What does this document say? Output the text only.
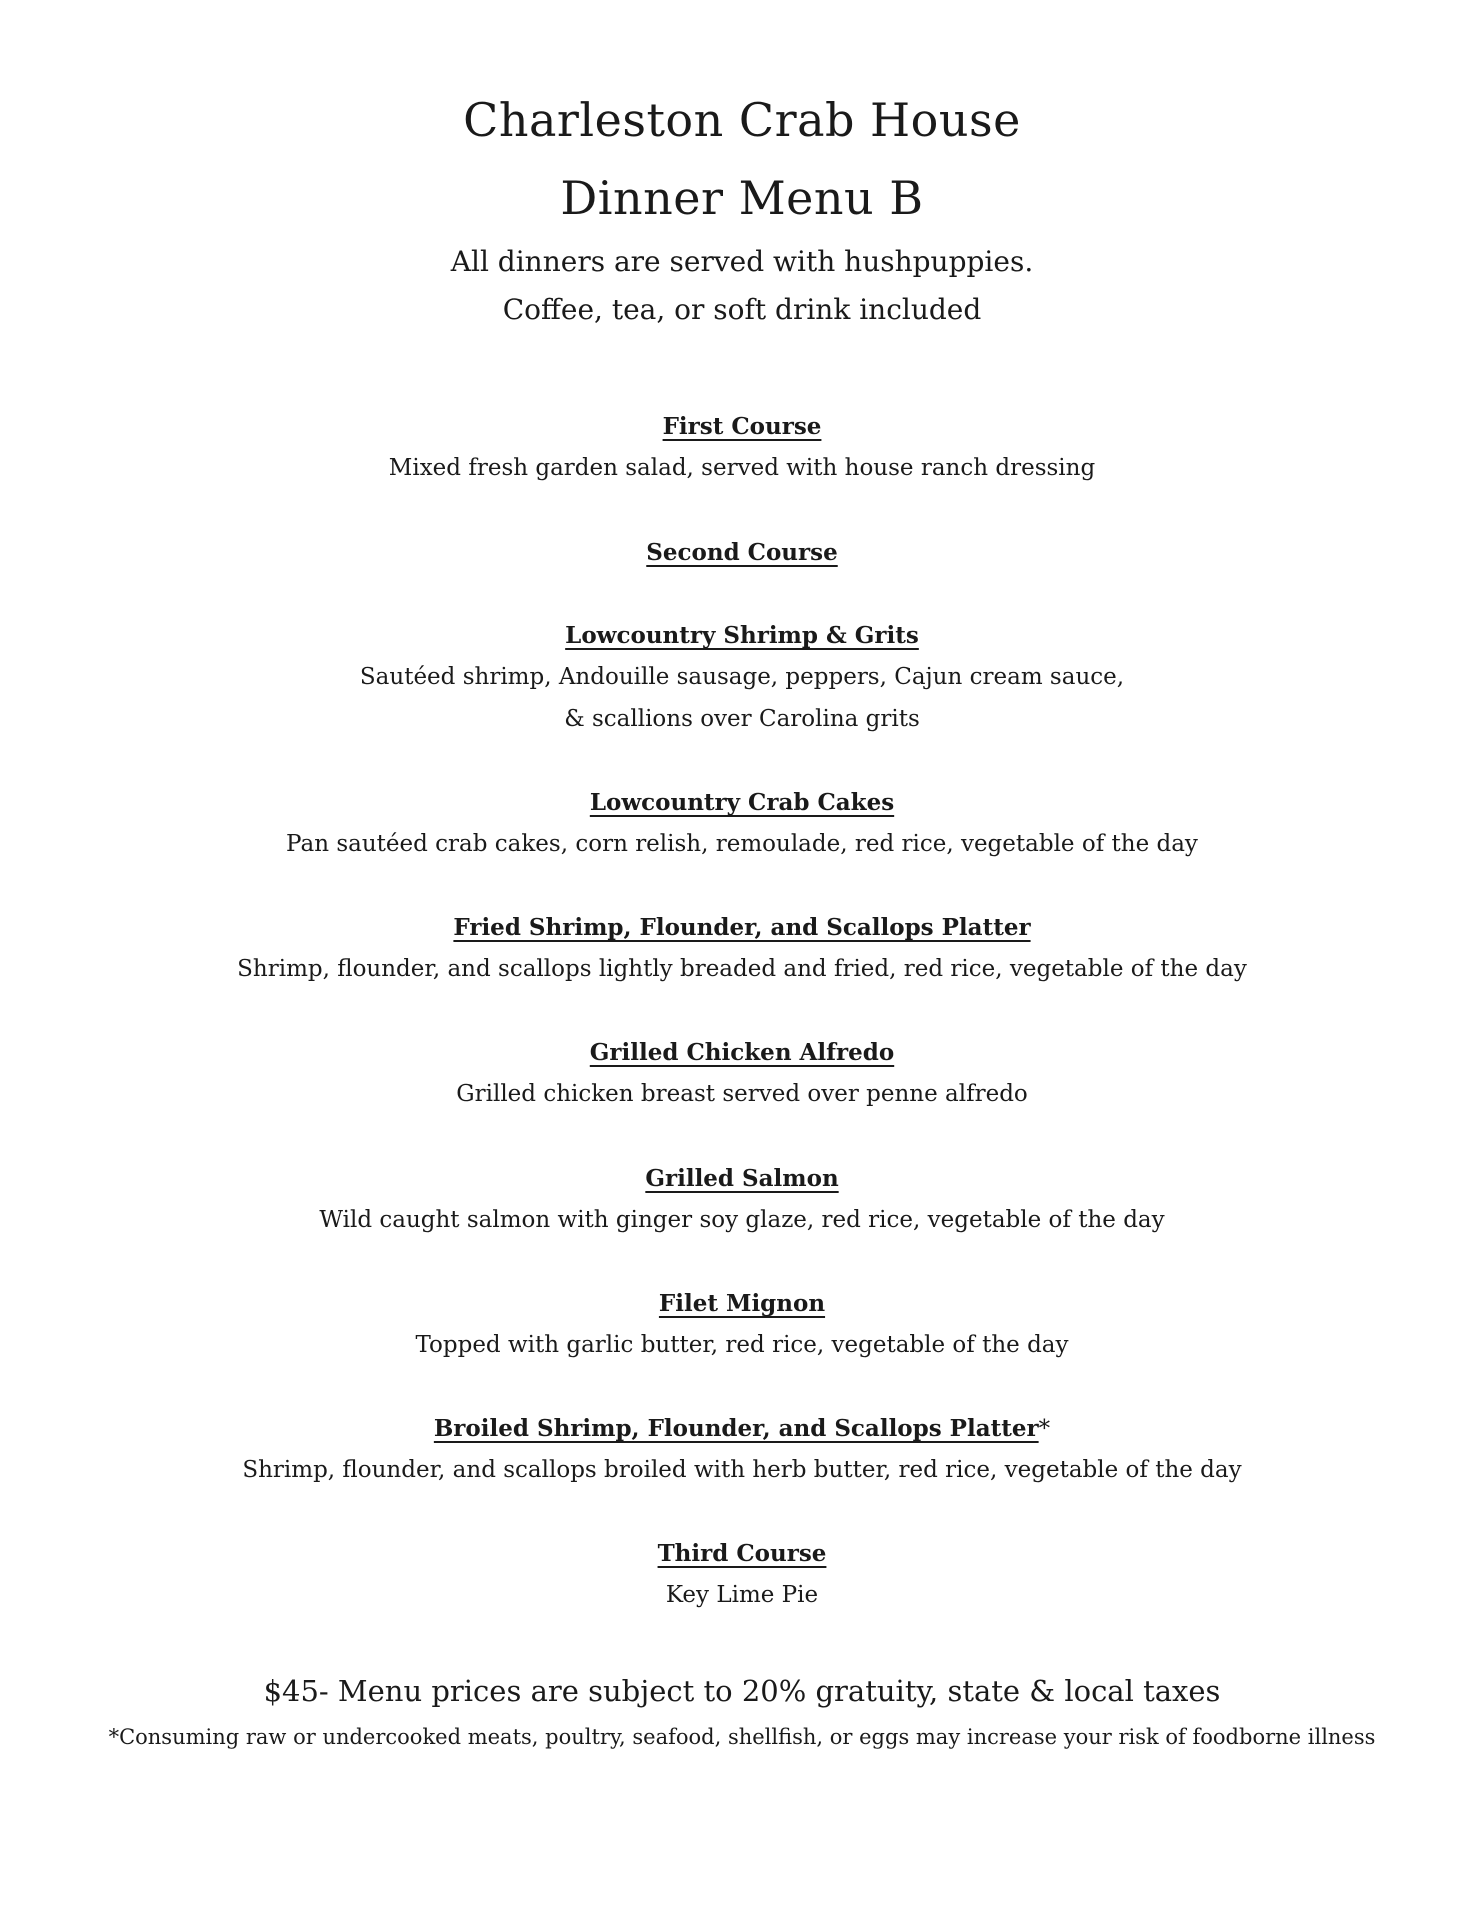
Charleston Crab House
Dinner Menu B
All dinners are served with hushpuppies.
Coffee, tea, or soft drink included
First Course
Mixed fresh garden salad, served with house ranch dressing
Second Course
Lowcountry Shrimp & Grits
Sautéed shrimp, Andouille sausage, peppers, Cajun cream sauce,
& scallions over Carolina grits
Lowcountry Crab Cakes
Pan sautéed crab cakes, corn relish, remoulade, red rice, vegetable of the day
Fried Shrimp, Flounder, and Scallops Platter
Shrimp, flounder, and scallops lightly breaded and fried, red rice, vegetable of the day
Grilled Chicken Alfredo
Grilled chicken breast served over penne alfredo
Grilled Salmon
Wild caught salmon with ginger soy glaze, red rice, vegetable of the day
Filet Mignon
Topped with garlic butter, red rice, vegetable of the day
Broiled Shrimp, Flounder, and Scallops Platter*
Shrimp, flounder, and scallops broiled with herb butter, red rice, vegetable of the day
Third Course
Key Lime Pie
$45- Menu prices are subject to 20% gratuity, state & local taxes
*Consuming raw or undercooked meats, poultry, seafood, shellfish, or eggs may increase your risk of foodborne illness
